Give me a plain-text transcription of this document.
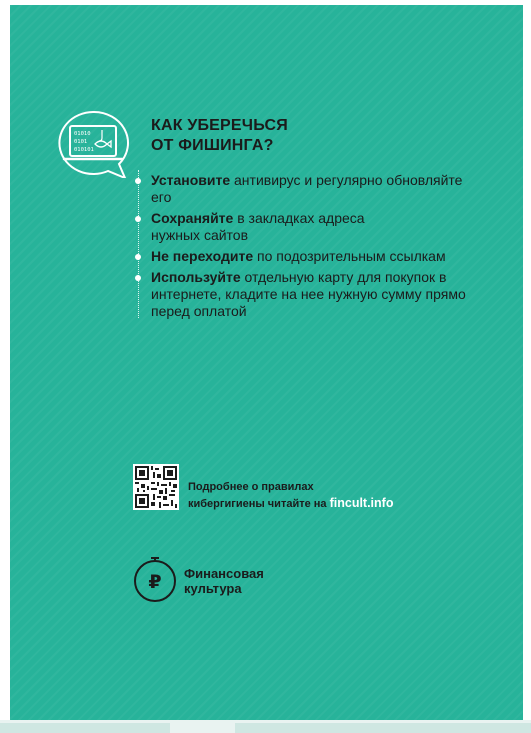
01010
0101
010101
КАК УБЕРЕЧЬСЯ
ОТ ФИШИНГА?

Установите антивирус и регулярно обновляйте его

Сохраняйте в закладках адреса нужных сайтов

Не переходите по подозрительным ссылкам

Используйте отдельную карту для покупок в интернете, кладите на нее нужную сумму прямо перед оплатой

Подробнее о правилах
кибергигиены читайте на fincult.info
₽ Финансовая
культура
